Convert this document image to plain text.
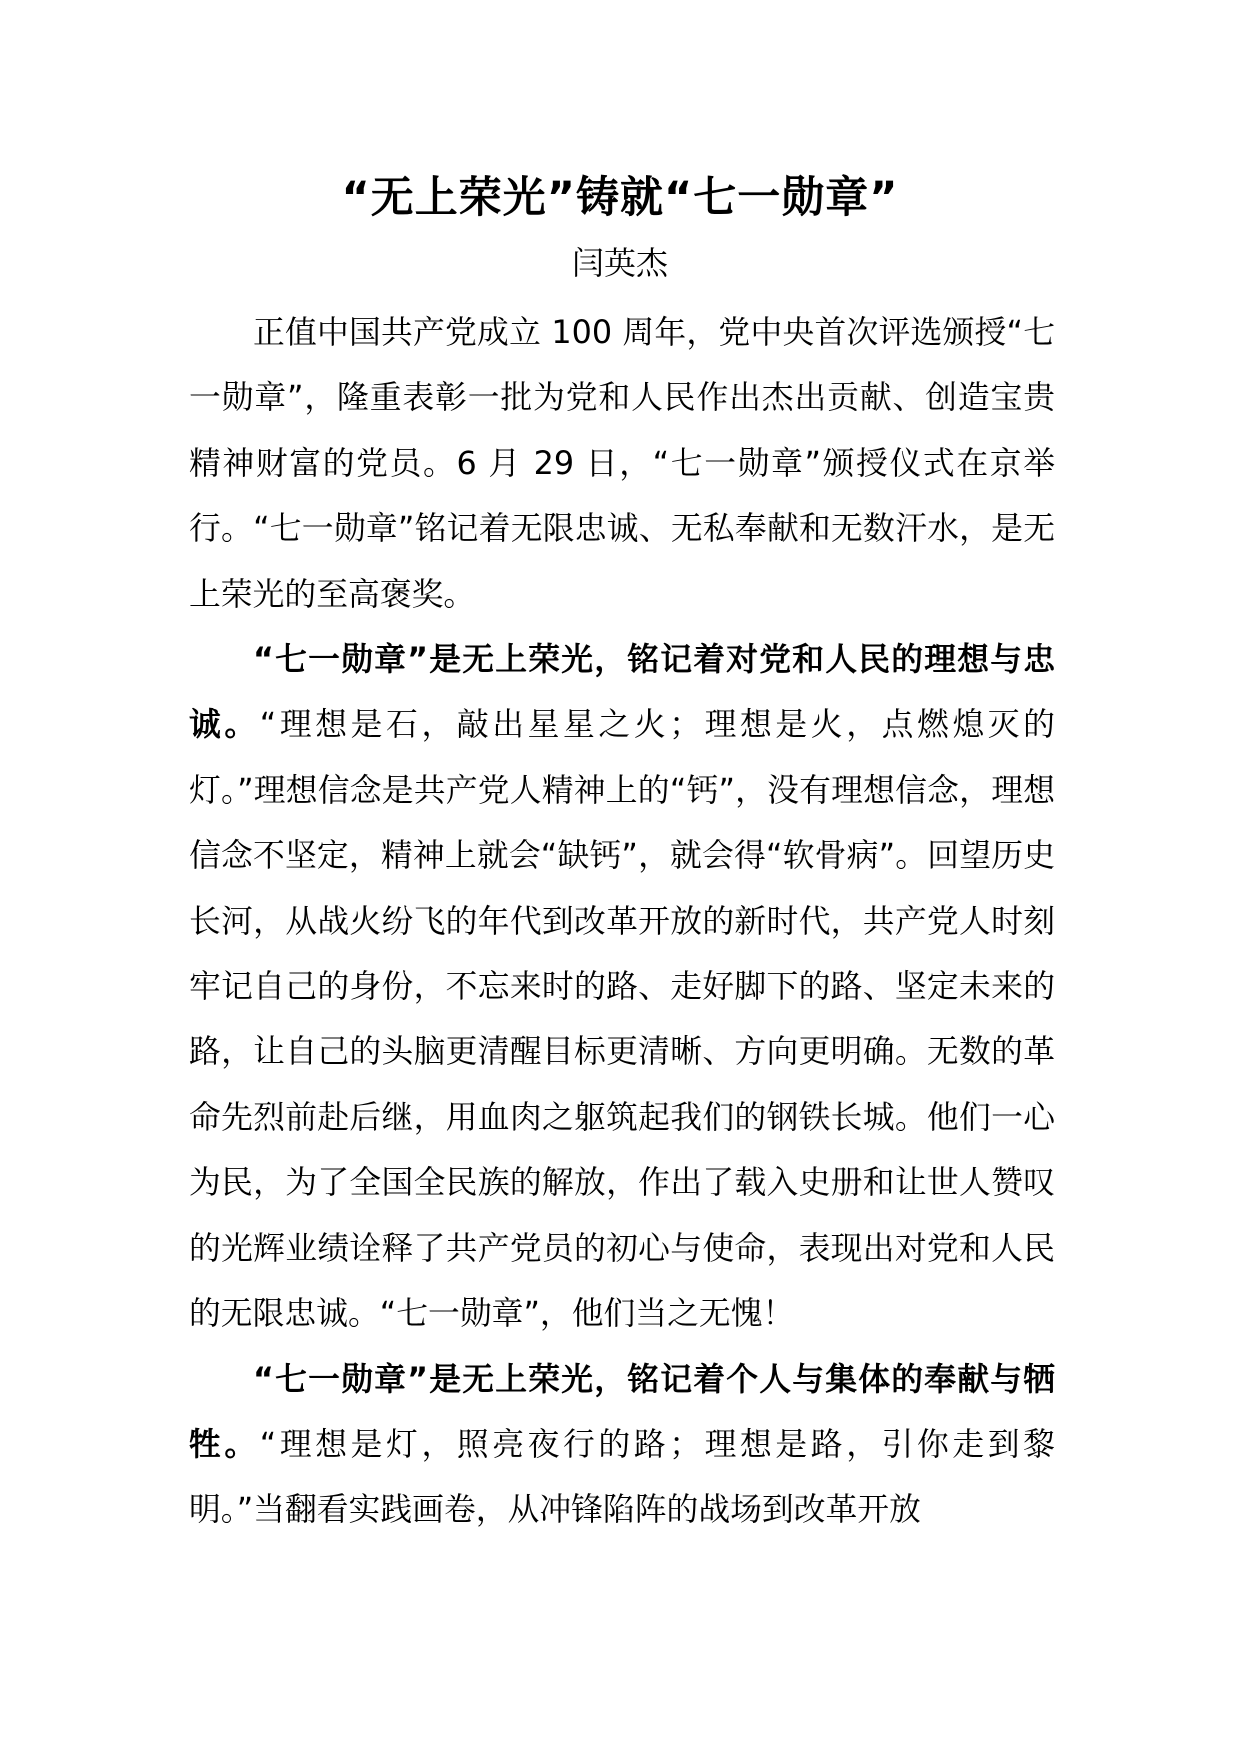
“无上荣光”铸就“七一勋章”
闫英杰

正值中国共产党成立 100 周年，党中央首次评选颁授“七一勋章”，隆重表彰一批为党和人民作出杰出贡献、创造宝贵精神财富的党员。6 月 29 日，“七一勋章”颁授仪式在京举行。“七一勋章”铭记着无限忠诚、无私奉献和无数汗水，是无上荣光的至高褒奖。

“七一勋章”是无上荣光，铭记着对党和人民的理想与忠诚。“理想是石，敲出星星之火；理想是火，点燃熄灭的灯。”理想信念是共产党人精神上的“钙”，没有理想信念，理想信念不坚定，精神上就会“缺钙”，就会得“软骨病”。回望历史长河，从战火纷飞的年代到改革开放的新时代，共产党人时刻牢记自己的身份，不忘来时的路、走好脚下的路、坚定未来的路，让自己的头脑更清醒目标更清晰、方向更明确。无数的革命先烈前赴后继，用血肉之躯筑起我们的钢铁长城。他们一心为民，为了全国全民族的解放，作出了载入史册和让世人赞叹的光辉业绩诠释了共产党员的初心与使命，表现出对党和人民的无限忠诚。“七一勋章”，他们当之无愧！

“七一勋章”是无上荣光，铭记着个人与集体的奉献与牺牲。“理想是灯，照亮夜行的路；理想是路，引你走到黎明。”当翻看实践画卷，从冲锋陷阵的战场到改革开放
